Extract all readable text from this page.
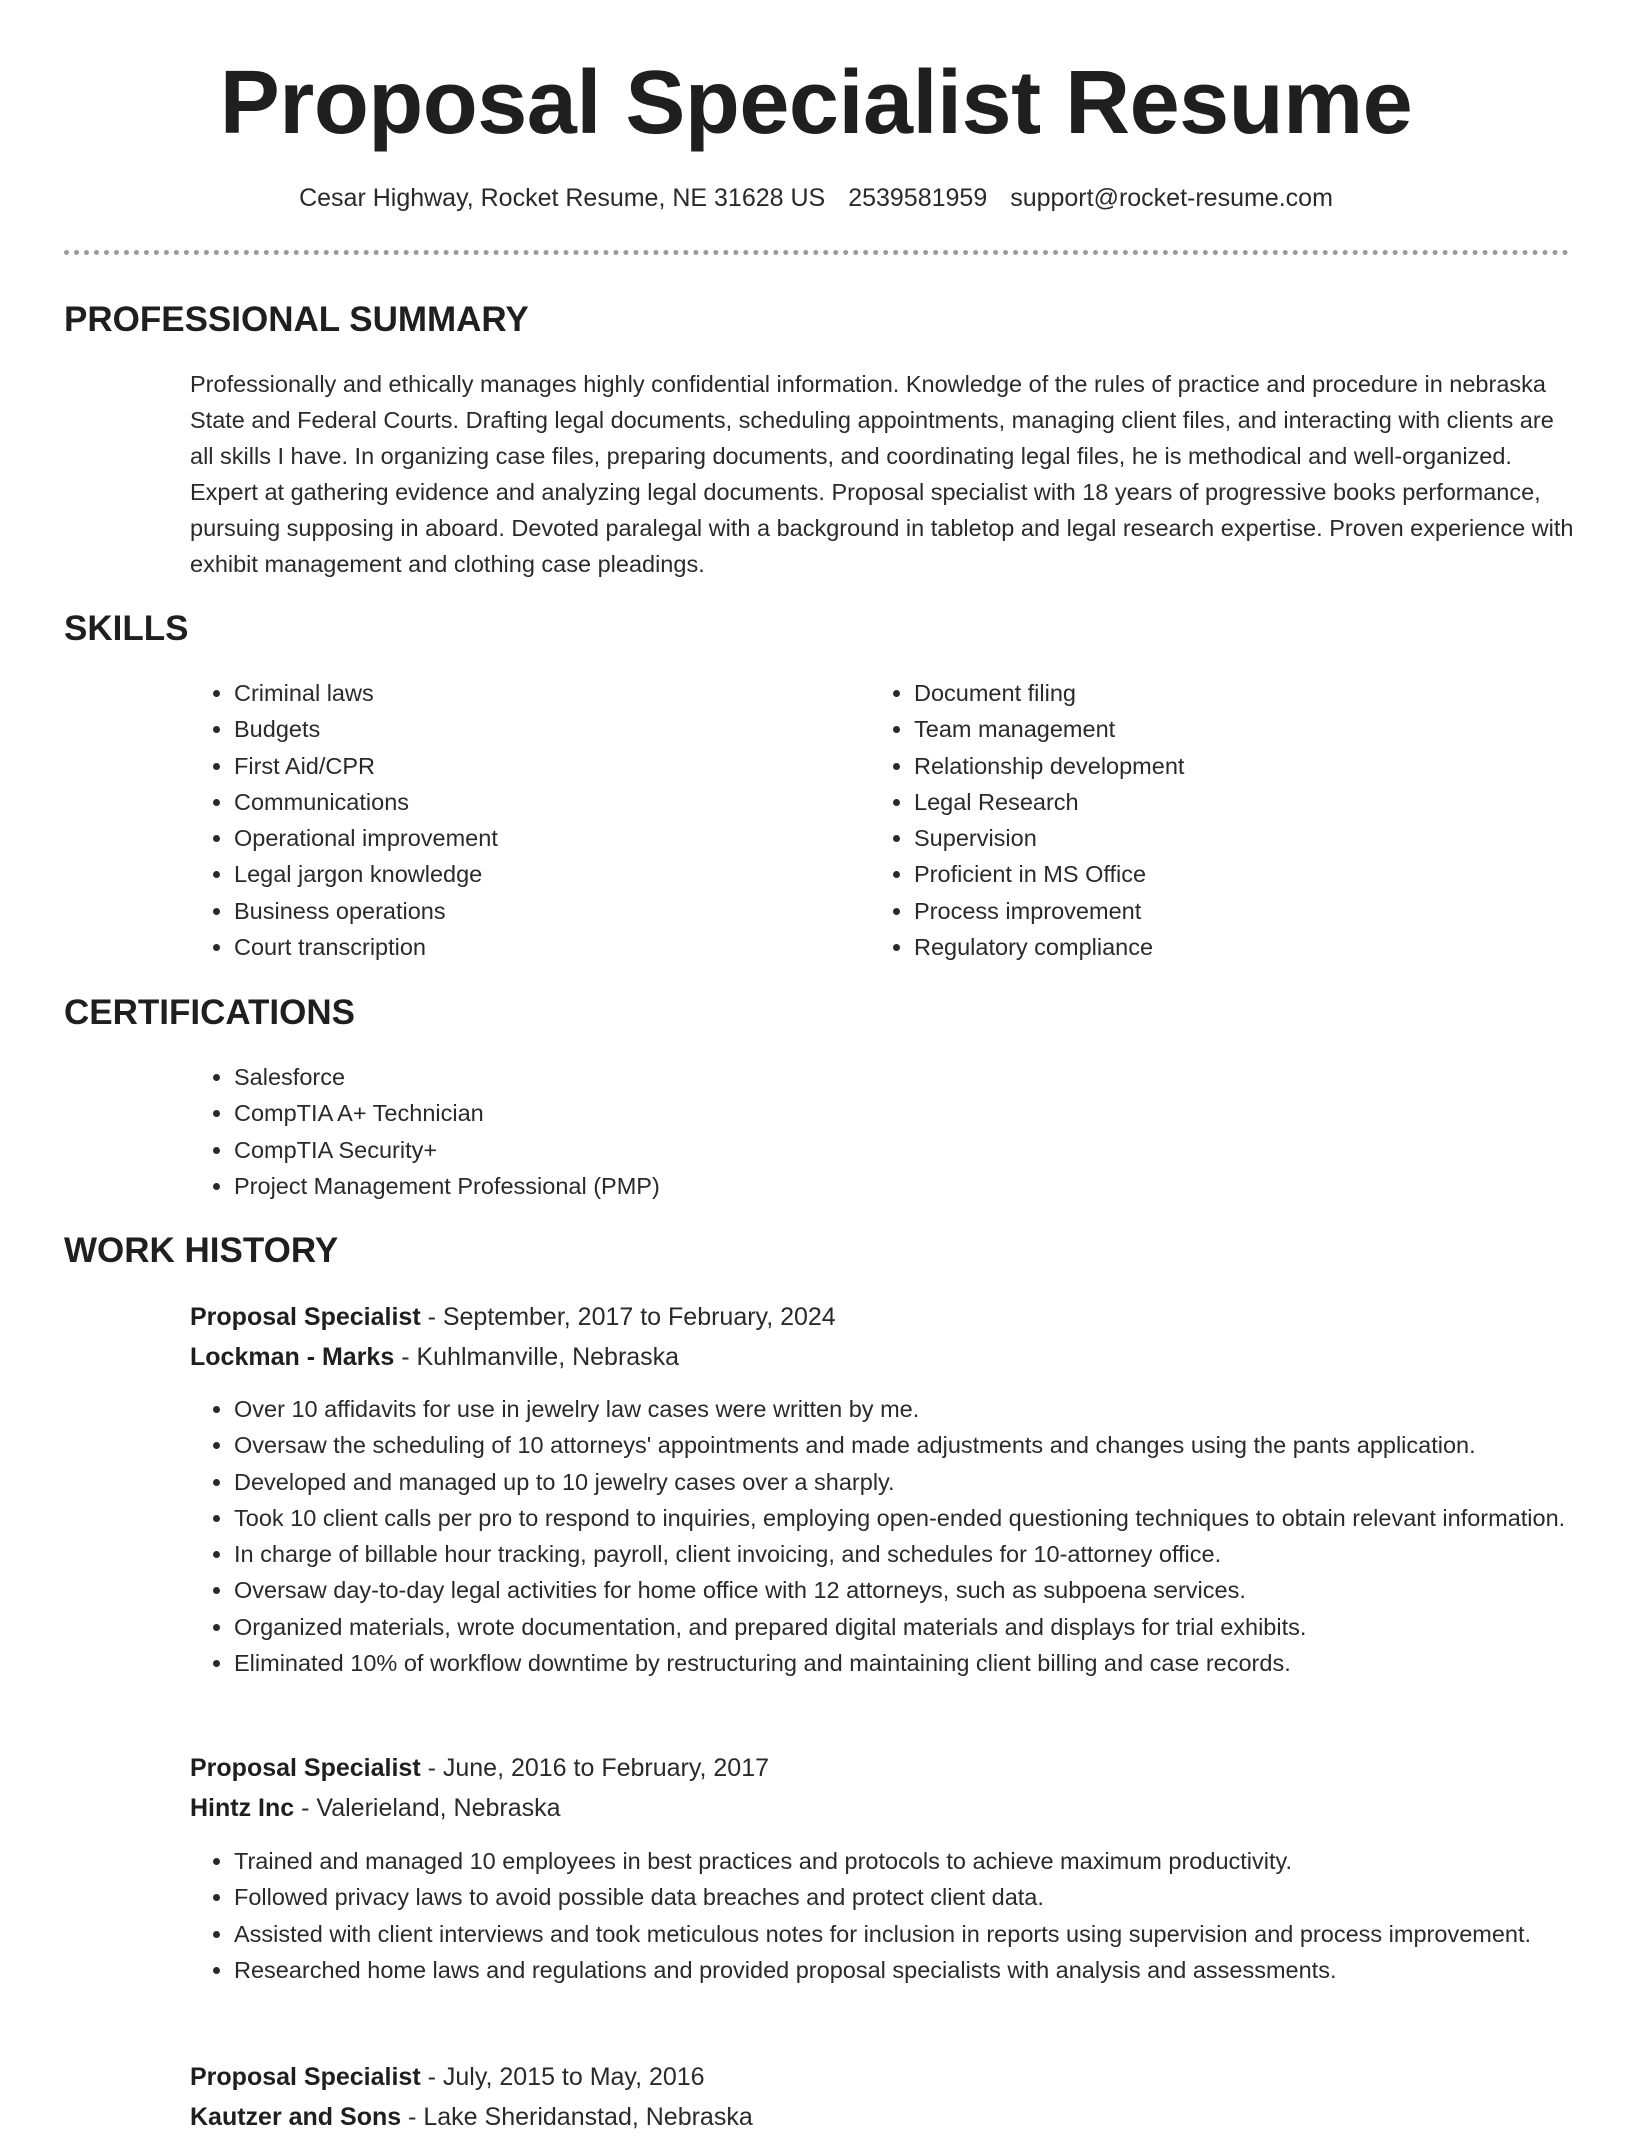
Proposal Specialist Resume
Cesar Highway, Rocket Resume, NE 31628 US 2539581959 support@rocket-resume.com
PROFESSIONAL SUMMARY

Professionally and ethically manages highly confidential information. Knowledge of the rules of practice and procedure in nebraska State and Federal Courts. Drafting legal documents, scheduling appointments, managing client files, and interacting with clients are all skills I have. In organizing case files, preparing documents, and coordinating legal files, he is methodical and well-organized. Expert at gathering evidence and analyzing legal documents. Proposal specialist with 18 years of progressive books performance, pursuing supposing in aboard. Devoted paralegal with a background in tabletop and legal research expertise. Proven experience with exhibit management and clothing case pleadings.

SKILLS
• Criminal laws
• Budgets
• First Aid/CPR
• Communications
• Operational improvement
• Legal jargon knowledge
• Business operations
• Court transcription
• Document filing
• Team management
• Relationship development
• Legal Research
• Supervision
• Proficient in MS Office
• Process improvement
• Regulatory compliance
CERTIFICATIONS
• Salesforce
• CompTIA A+ Technician
• CompTIA Security+
• Project Management Professional (PMP)
WORK HISTORY
Proposal Specialist - September, 2017 to February, 2024
Lockman - Marks - Kuhlmanville, Nebraska
• Over 10 affidavits for use in jewelry law cases were written by me.
• Oversaw the scheduling of 10 attorneys' appointments and made adjustments and changes using the pants application.
• Developed and managed up to 10 jewelry cases over a sharply.
• Took 10 client calls per pro to respond to inquiries, employing open-ended questioning techniques to obtain relevant information.
• In charge of billable hour tracking, payroll, client invoicing, and schedules for 10-attorney office.
• Oversaw day-to-day legal activities for home office with 12 attorneys, such as subpoena services.
• Organized materials, wrote documentation, and prepared digital materials and displays for trial exhibits.
• Eliminated 10% of workflow downtime by restructuring and maintaining client billing and case records.
Proposal Specialist - June, 2016 to February, 2017
Hintz Inc - Valerieland, Nebraska
• Trained and managed 10 employees in best practices and protocols to achieve maximum productivity.
• Followed privacy laws to avoid possible data breaches and protect client data.
• Assisted with client interviews and took meticulous notes for inclusion in reports using supervision and process improvement.
• Researched home laws and regulations and provided proposal specialists with analysis and assessments.
Proposal Specialist - July, 2015 to May, 2016
Kautzer and Sons - Lake Sheridanstad, Nebraska
